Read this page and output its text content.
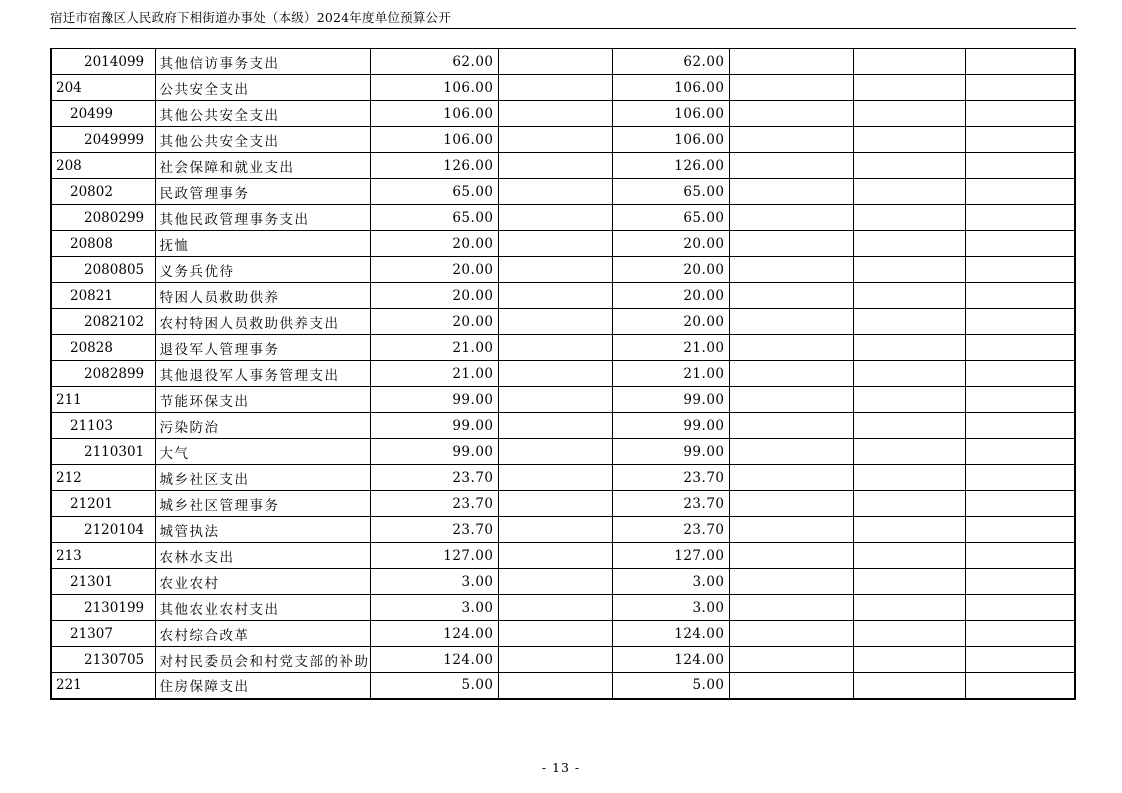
宿迁市宿豫区人民政府下相街道办事处（本级）2024年度单位预算公开
2014099	其他信访事务支出	62.00		62.00			
204	公共安全支出	106.00		106.00			
20499	其他公共安全支出	106.00		106.00			
2049999	其他公共安全支出	106.00		106.00			
208	社会保障和就业支出	126.00		126.00			
20802	民政管理事务	65.00		65.00			
2080299	其他民政管理事务支出	65.00		65.00			
20808	抚恤	20.00		20.00			
2080805	义务兵优待	20.00		20.00			
20821	特困人员救助供养	20.00		20.00			
2082102	农村特困人员救助供养支出	20.00		20.00			
20828	退役军人管理事务	21.00		21.00			
2082899	其他退役军人事务管理支出	21.00		21.00			
211	节能环保支出	99.00		99.00			
21103	污染防治	99.00		99.00			
2110301	大气	99.00		99.00			
212	城乡社区支出	23.70		23.70			
21201	城乡社区管理事务	23.70		23.70			
2120104	城管执法	23.70		23.70			
213	农林水支出	127.00		127.00			
21301	农业农村	3.00		3.00			
2130199	其他农业农村支出	3.00		3.00			
21307	农村综合改革	124.00		124.00			
2130705	对村民委员会和村党支部的补助	124.00		124.00			
221	住房保障支出	5.00		5.00			
- 13 -
